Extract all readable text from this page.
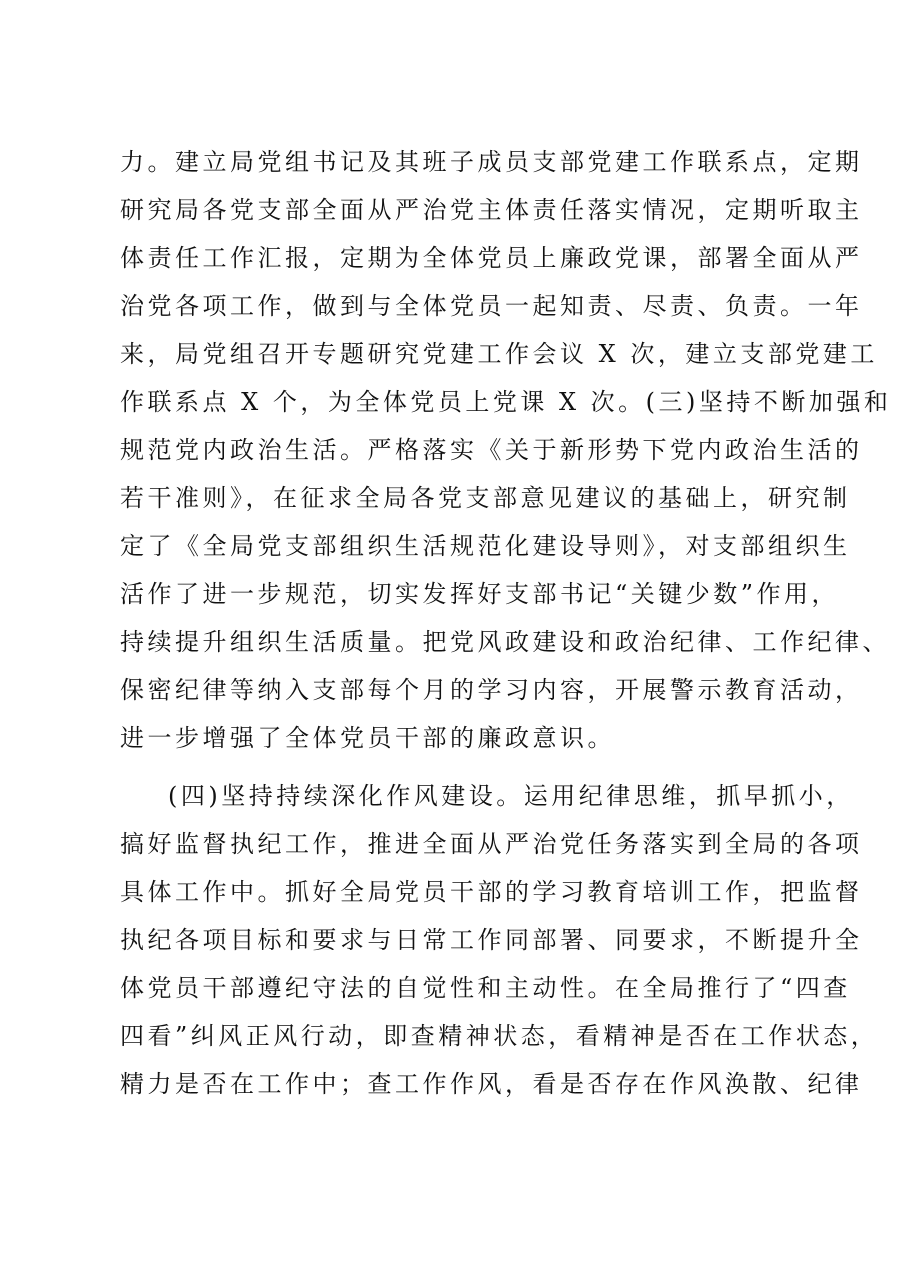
力。建立局党组书记及其班子成员支部党建工作联系点，定期
研究局各党支部全面从严治党主体责任落实情况，定期听取主
体责任工作汇报，定期为全体党员上廉政党课，部署全面从严
治党各项工作，做到与全体党员一起知责、尽责、负责。一年
来，局党组召开专题研究党建工作会议 X 次，建立支部党建工
作联系点 X 个，为全体党员上党课 X 次。(三)坚持不断加强和
规范党内政治生活。严格落实《关于新形势下党内政治生活的
若干准则》，在征求全局各党支部意见建议的基础上，研究制
定了《全局党支部组织生活规范化建设导则》，对支部组织生
活作了进一步规范，切实发挥好支部书记“关键少数”作用，
持续提升组织生活质量。把党风政建设和政治纪律、工作纪律、
保密纪律等纳入支部每个月的学习内容，开展警示教育活动，
进一步增强了全体党员干部的廉政意识。
(四)坚持持续深化作风建设。运用纪律思维，抓早抓小，
搞好监督执纪工作，推进全面从严治党任务落实到全局的各项
具体工作中。抓好全局党员干部的学习教育培训工作，把监督
执纪各项目标和要求与日常工作同部署、同要求，不断提升全
体党员干部遵纪守法的自觉性和主动性。在全局推行了“四查
四看”纠风正风行动，即查精神状态，看精神是否在工作状态，
精力是否在工作中；查工作作风，看是否存在作风涣散、纪律
